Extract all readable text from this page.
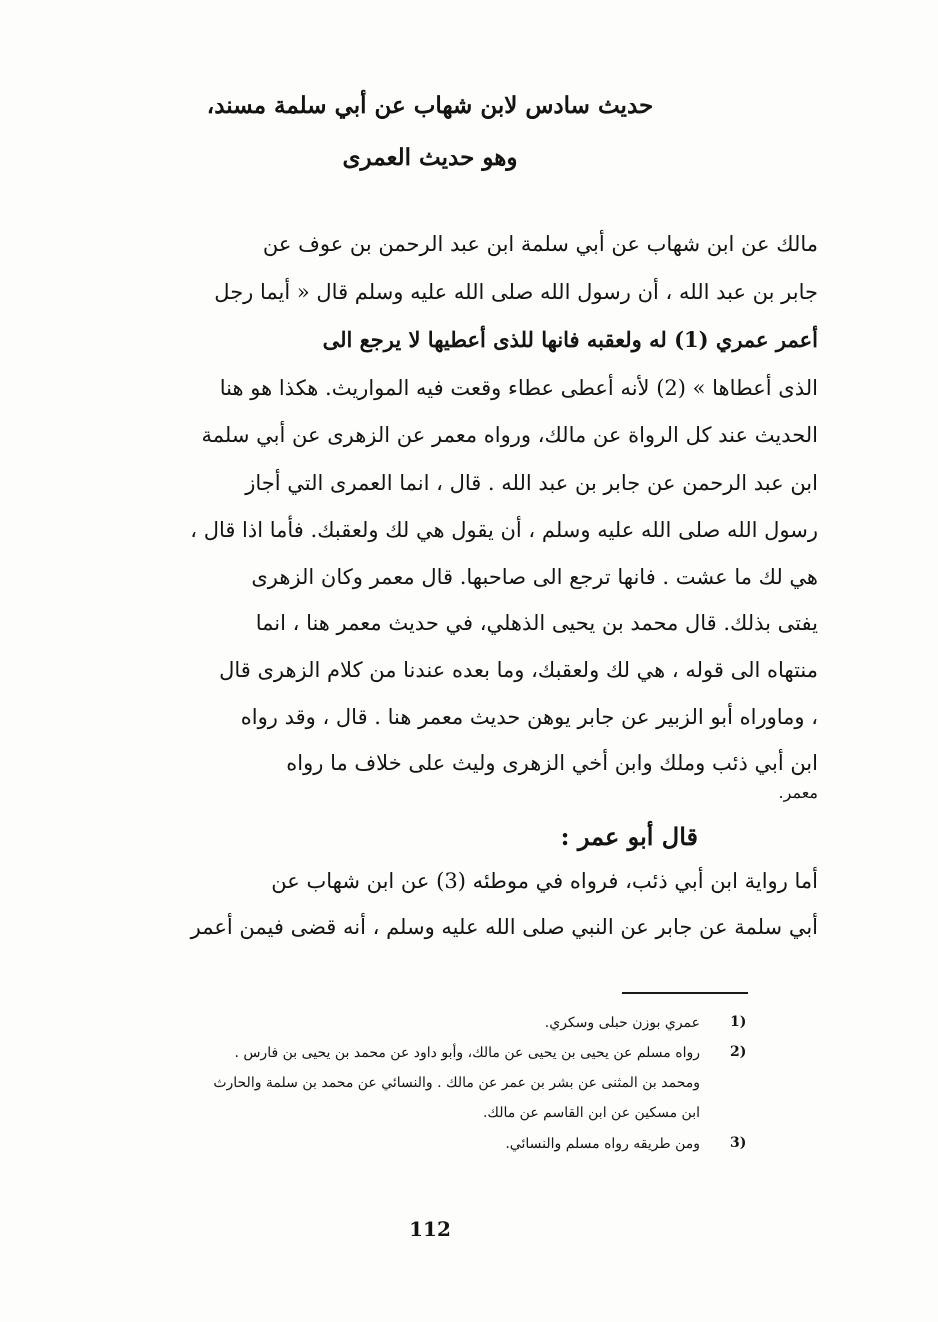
حديث سادس لابن شهاب عن أبي سلمة مسند،
وهو حديث العمرى
مالك عن ابن شهاب عن أبي سلمة ابن عبد الرحمن بن عوف عن
جابر بن عبد الله ، أن رسول الله صلى الله عليه وسلم قال « أيما رجل
أعمر عمري (1) له ولعقبه فانها للذى أعطيها لا يرجع الى
الذى أعطاها » (2) لأنه أعطى عطاء وقعت فيه المواريث. هكذا هو هنا
الحديث عند كل الرواة عن مالك، ورواه معمر عن الزهرى عن أبي سلمة
ابن عبد الرحمن عن جابر بن عبد الله . قال ، انما العمرى التي أجاز
رسول الله صلى الله عليه وسلم ، أن يقول هي لك ولعقبك. فأما اذا قال ،
هي لك ما عشت . فانها ترجع الى صاحبها. قال معمر وكان الزهرى
يفتى بذلك. قال محمد بن يحيى الذهلي، في حديث معمر هنا ، انما
منتهاه الى قوله ، هي لك ولعقبك، وما بعده عندنا من كلام الزهرى قال
، وماوراه أبو الزبير عن جابر يوهن حديث معمر هنا . قال ، وقد رواه
ابن أبي ذئب وملك وابن أخي الزهرى وليث على خلاف ما رواه
معمر.
قال أبو عمر :
أما رواية ابن أبي ذئب، فرواه في موطئه (3) عن ابن شهاب عن
أبي سلمة عن جابر عن النبي صلى الله عليه وسلم ، أنه قضى فيمن أعمر
1)
عمري بوزن حبلى وسكري.
2)
رواه مسلم عن يحيى بن يحيى عن مالك، وأبو داود عن محمد بن يحيى بن فارس .
ومحمد بن المثنى عن بشر بن عمر عن مالك . والنسائي عن محمد بن سلمة والحارث
ابن مسكين عن ابن القاسم عن مالك.
3)
ومن طريقه رواه مسلم والنسائي.
112
